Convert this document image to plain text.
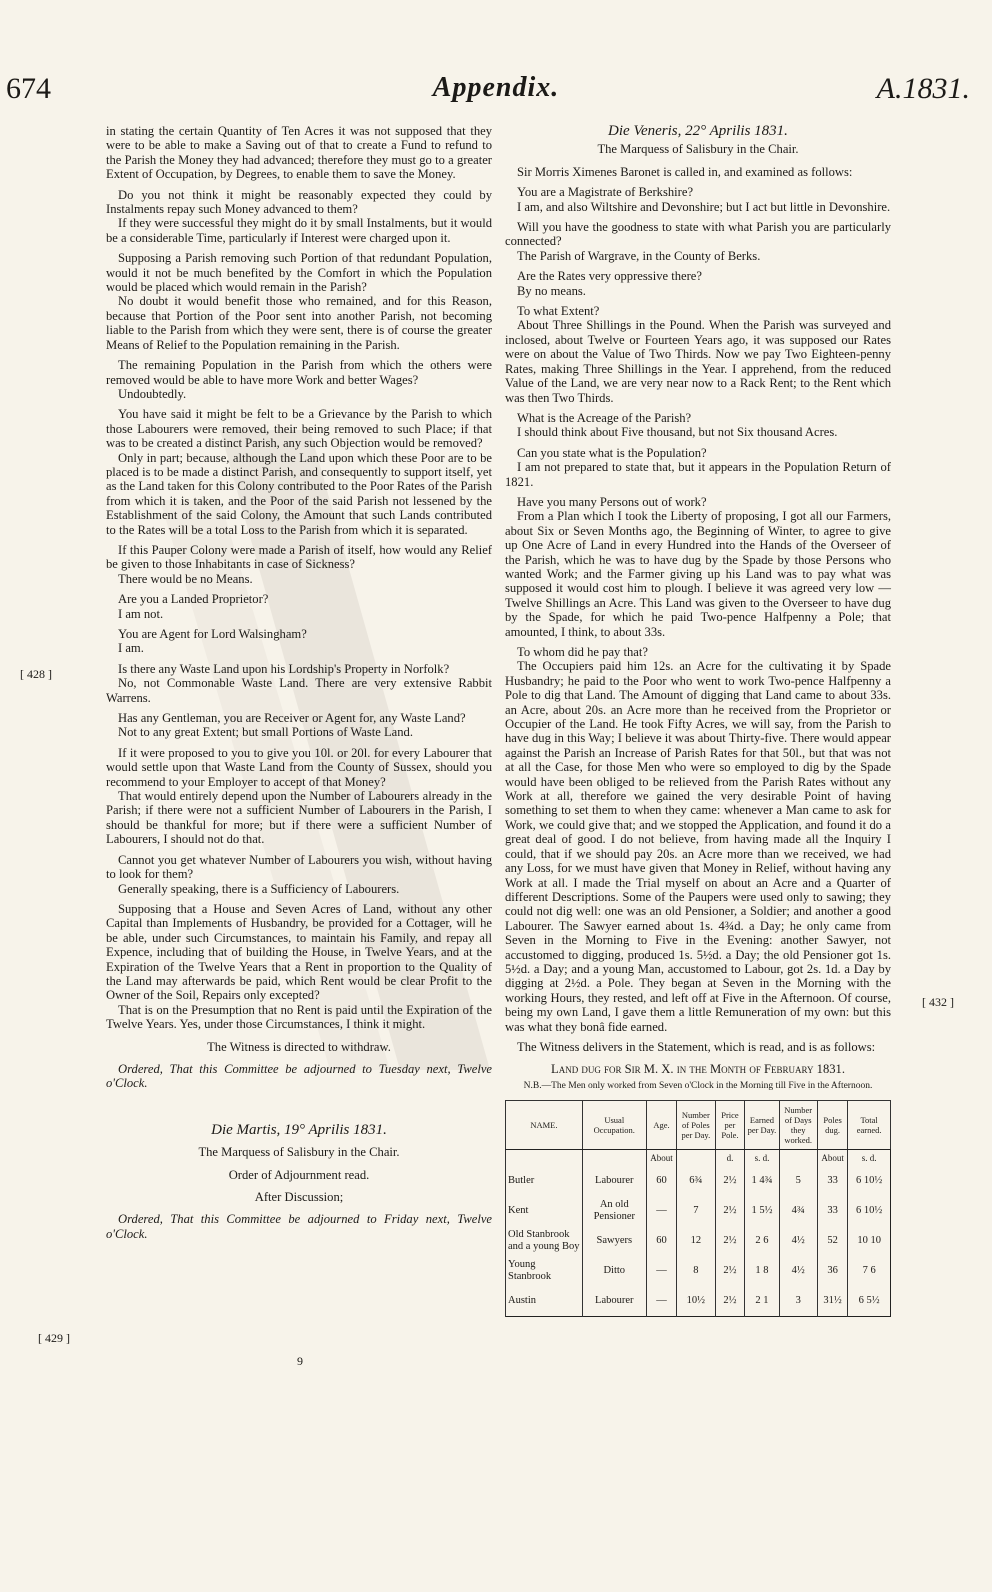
674	Appendix.	A.1831.
[ 428 ]
[ 429 ]
[ 432 ]

in stating the certain Quantity of Ten Acres it was not supposed that they were to be able to make a Saving out of that to create a Fund to refund to the Parish the Money they had advanced; therefore they must go to a greater Extent of Occupation, by Degrees, to enable them to save the Money.

Do you not think it might be reasonably expected they could by Instalments repay such Money advanced to them?

If they were successful they might do it by small Instalments, but it would be a considerable Time, particularly if Interest were charged upon it.

Supposing a Parish removing such Portion of that redundant Population, would it not be much benefited by the Comfort in which the Population would be placed which would remain in the Parish?

No doubt it would benefit those who remained, and for this Reason, because that Portion of the Poor sent into another Parish, not becoming liable to the Parish from which they were sent, there is of course the greater Means of Relief to the Population remaining in the Parish.

The remaining Population in the Parish from which the others were removed would be able to have more Work and better Wages?

Undoubtedly.

You have said it might be felt to be a Grievance by the Parish to which those Labourers were removed, their being removed to such Place; if that was to be created a distinct Parish, any such Objection would be removed?

Only in part; because, although the Land upon which these Poor are to be placed is to be made a distinct Parish, and consequently to support itself, yet as the Land taken for this Colony contributed to the Poor Rates of the Parish from which it is taken, and the Poor of the said Parish not lessened by the Establishment of the said Colony, the Amount that such Lands contributed to the Rates will be a total Loss to the Parish from which it is separated.

If this Pauper Colony were made a Parish of itself, how would any Relief be given to those Inhabitants in case of Sickness?

There would be no Means.

Are you a Landed Proprietor?

I am not.

You are Agent for Lord Walsingham?

I am.

Is there any Waste Land upon his Lordship's Property in Norfolk?

No, not Commonable Waste Land. There are very extensive Rabbit Warrens.

Has any Gentleman, you are Receiver or Agent for, any Waste Land?

Not to any great Extent; but small Portions of Waste Land.

If it were proposed to you to give you 10l. or 20l. for every Labourer that would settle upon that Waste Land from the County of Sussex, should you recommend to your Employer to accept of that Money?

That would entirely depend upon the Number of Labourers already in the Parish; if there were not a sufficient Number of Labourers in the Parish, I should be thankful for more; but if there were a sufficient Number of Labourers, I should not do that.

Cannot you get whatever Number of Labourers you wish, without having to look for them?

Generally speaking, there is a Sufficiency of Labourers.

Supposing that a House and Seven Acres of Land, without any other Capital than Implements of Husbandry, be provided for a Cottager, will he be able, under such Circumstances, to maintain his Family, and repay all Expence, including that of building the House, in Twelve Years, and at the Expiration of the Twelve Years that a Rent in proportion to the Quality of the Land may afterwards be paid, which Rent would be clear Profit to the Owner of the Soil, Repairs only excepted?

That is on the Presumption that no Rent is paid until the Expiration of the Twelve Years. Yes, under those Circumstances, I think it might.

The Witness is directed to withdraw.

Ordered, That this Committee be adjourned to Tuesday next, Twelve o'Clock.

Die Martis, 19° Aprilis 1831.

The Marquess of Salisbury in the Chair.

Order of Adjournment read.

After Discussion;

Ordered, That this Committee be adjourned to Friday next, Twelve o'Clock.

9

Die Veneris, 22° Aprilis 1831.

The Marquess of Salisbury in the Chair.

Sir Morris Ximenes Baronet is called in, and examined as follows:

You are a Magistrate of Berkshire?

I am, and also Wiltshire and Devonshire; but I act but little in Devonshire.

Will you have the goodness to state with what Parish you are particularly connected?

The Parish of Wargrave, in the County of Berks.

Are the Rates very oppressive there?

By no means.

To what Extent?

About Three Shillings in the Pound. When the Parish was surveyed and inclosed, about Twelve or Fourteen Years ago, it was supposed our Rates were on about the Value of Two Thirds. Now we pay Two Eighteen-penny Rates, making Three Shillings in the Year. I apprehend, from the reduced Value of the Land, we are very near now to a Rack Rent; to the Rent which was then Two Thirds.

What is the Acreage of the Parish?

I should think about Five thousand, but not Six thousand Acres.

Can you state what is the Population?

I am not prepared to state that, but it appears in the Population Return of 1821.

Have you many Persons out of work?

From a Plan which I took the Liberty of proposing, I got all our Farmers, about Six or Seven Months ago, the Beginning of Winter, to agree to give up One Acre of Land in every Hundred into the Hands of the Overseer of the Parish, which he was to have dug by the Spade by those Persons who wanted Work; and the Farmer giving up his Land was to pay what was supposed it would cost him to plough. I believe it was agreed very low — Twelve Shillings an Acre. This Land was given to the Overseer to have dug by the Spade, for which he paid Two-pence Halfpenny a Pole; that amounted, I think, to about 33s.

To whom did he pay that?

The Occupiers paid him 12s. an Acre for the cultivating it by Spade Husbandry; he paid to the Poor who went to work Two-pence Halfpenny a Pole to dig that Land. The Amount of digging that Land came to about 33s. an Acre, about 20s. an Acre more than he received from the Proprietor or Occupier of the Land. He took Fifty Acres, we will say, from the Parish to have dug in this Way; I believe it was about Thirty-five. There would appear against the Parish an Increase of Parish Rates for that 50l., but that was not at all the Case, for those Men who were so employed to dig by the Spade would have been obliged to be relieved from the Parish Rates without any Work at all, therefore we gained the very desirable Point of having something to set them to when they came: whenever a Man came to ask for Work, we could give that; and we stopped the Application, and found it do a great deal of good. I do not believe, from having made all the Inquiry I could, that if we should pay 20s. an Acre more than we received, we had any Loss, for we must have given that Money in Relief, without having any Work at all. I made the Trial myself on about an Acre and a Quarter of different Descriptions. Some of the Paupers were used only to sawing; they could not dig well: one was an old Pensioner, a Soldier; and another a good Labourer. The Sawyer earned about 1s. 4¾d. a Day; he only came from Seven in the Morning to Five in the Evening: another Sawyer, not accustomed to digging, produced 1s. 5½d. a Day; the old Pensioner got 1s. 5½d. a Day; and a young Man, accustomed to Labour, got 2s. 1d. a Day by digging at 2½d. a Pole. They began at Seven in the Morning with the working Hours, they rested, and left off at Five in the Afternoon. Of course, being my own Land, I gave them a little Remuneration of my own: but this was what they bonâ fide earned.

The Witness delivers in the Statement, which is read, and is as follows:

Land dug for Sir M. X. in the Month of February 1831.

N.B.—The Men only worked from Seven o'Clock in the Morning till Five in the Afternoon.
NAME.	Usual Occupation.	Age.	Number of Poles per Day.	Price per Pole.	Earned per Day.	Number of Days they worked.	Poles dug.	Total earned.
		About		d.	s. d.		About	s. d.
Butler	Labourer	60	6¾	2½	1 4¾	5	33	6 10½
Kent	An old Pensioner	—	7	2½	1 5½	4¾	33	6 10½
Old Stanbrook and a young Boy	Sawyers	60	12	2½	2 6	4½	52	10 10
Young Stanbrook	Ditto	—	8	2½	1 8	4½	36	7 6
Austin	Labourer	—	10½	2½	2 1	3	31½	6 5½
